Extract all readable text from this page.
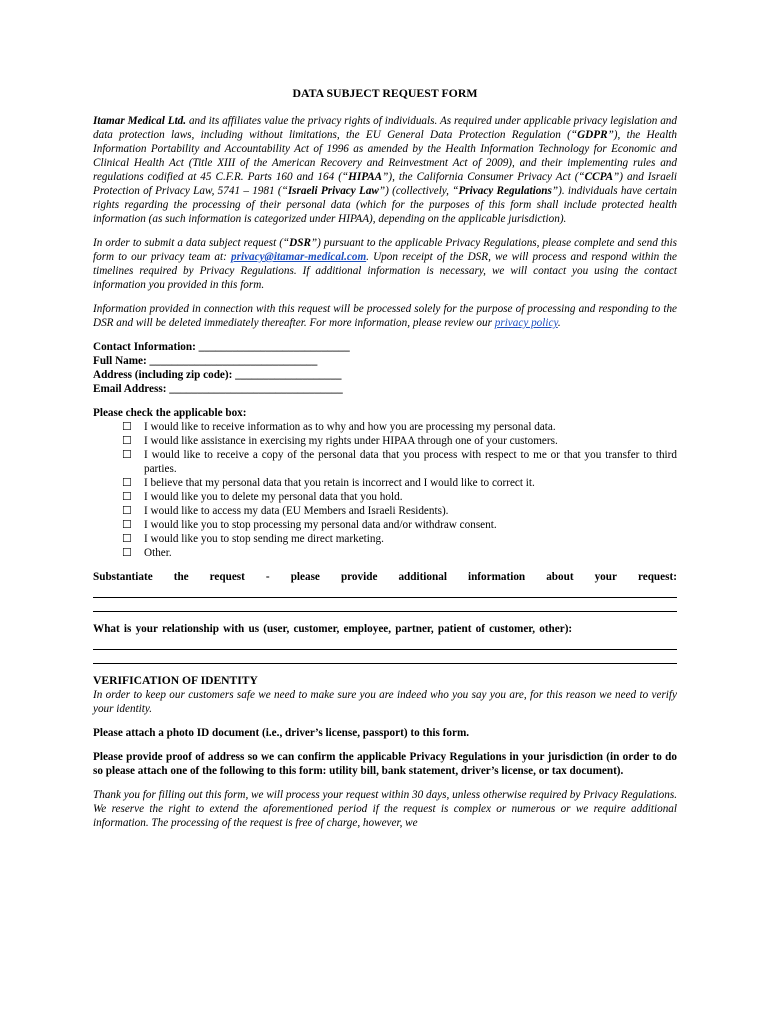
DATA SUBJECT REQUEST FORM

Itamar Medical Ltd. and its affiliates value the privacy rights of individuals. As required under applicable privacy legislation and data protection laws, including without limitations, the EU General Data Protection Regulation (“GDPR”), the Health Information Portability and Accountability Act of 1996 as amended by the Health Information Technology for Economic and Clinical Health Act (Title XIII of the American Recovery and Reinvestment Act of 2009), and their implementing rules and regulations codified at 45 C.F.R. Parts 160 and 164 (“HIPAA”), the California Consumer Privacy Act (“CCPA”) and Israeli Protection of Privacy Law, 5741 – 1981 (“Israeli Privacy Law”) (collectively, “Privacy Regulations”). individuals have certain rights regarding the processing of their personal data (which for the purposes of this form shall include protected health information (as such information is categorized under HIPAA), depending on the applicable jurisdiction).

In order to submit a data subject request (“DSR”) pursuant to the applicable Privacy Regulations, please complete and send this form to our privacy team at: privacy@itamar-medical.com. Upon receipt of the DSR, we will process and respond within the timelines required by Privacy Regulations. If additional information is necessary, we will contact you using the contact information you provided in this form.

Information provided in connection with this request will be processed solely for the purpose of processing and responding to the DSR and will be deleted immediately thereafter. For more information, please review our privacy policy.

Contact Information: ___________________________
Full Name: ______________________________
Address (including zip code): ___________________
Email Address: _______________________________
Please check the applicable box:
☐ I would like to receive information as to why and how you are processing my personal data.
☐ I would like assistance in exercising my rights under HIPAA through one of your customers.
☐ I would like to receive a copy of the personal data that you process with respect to me or that you transfer to third parties.
☐ I believe that my personal data that you retain is incorrect and I would like to correct it.
☐ I would like you to delete my personal data that you hold.
☐ I would like to access my data (EU Members and Israeli Residents).
☐ I would like you to stop processing my personal data and/or withdraw consent.
☐ I would like you to stop sending me direct marketing.
☐ Other.
Substantiate the request - please provide additional information about your request:
What is your relationship with us (user, customer, employee, partner, patient of customer, other):
VERIFICATION OF IDENTITY

In order to keep our customers safe we need to make sure you are indeed who you say you are, for this reason we need to verify your identity.

Please attach a photo ID document (i.e., driver’s license, passport) to this form.

Please provide proof of address so we can confirm the applicable Privacy Regulations in your jurisdiction (in order to do so please attach one of the following to this form: utility bill, bank statement, driver’s license, or tax document).

Thank you for filling out this form, we will process your request within 30 days, unless otherwise required by Privacy Regulations. We reserve the right to extend the aforementioned period if the request is complex or numerous or we require additional information. The processing of the request is free of charge, however, we
